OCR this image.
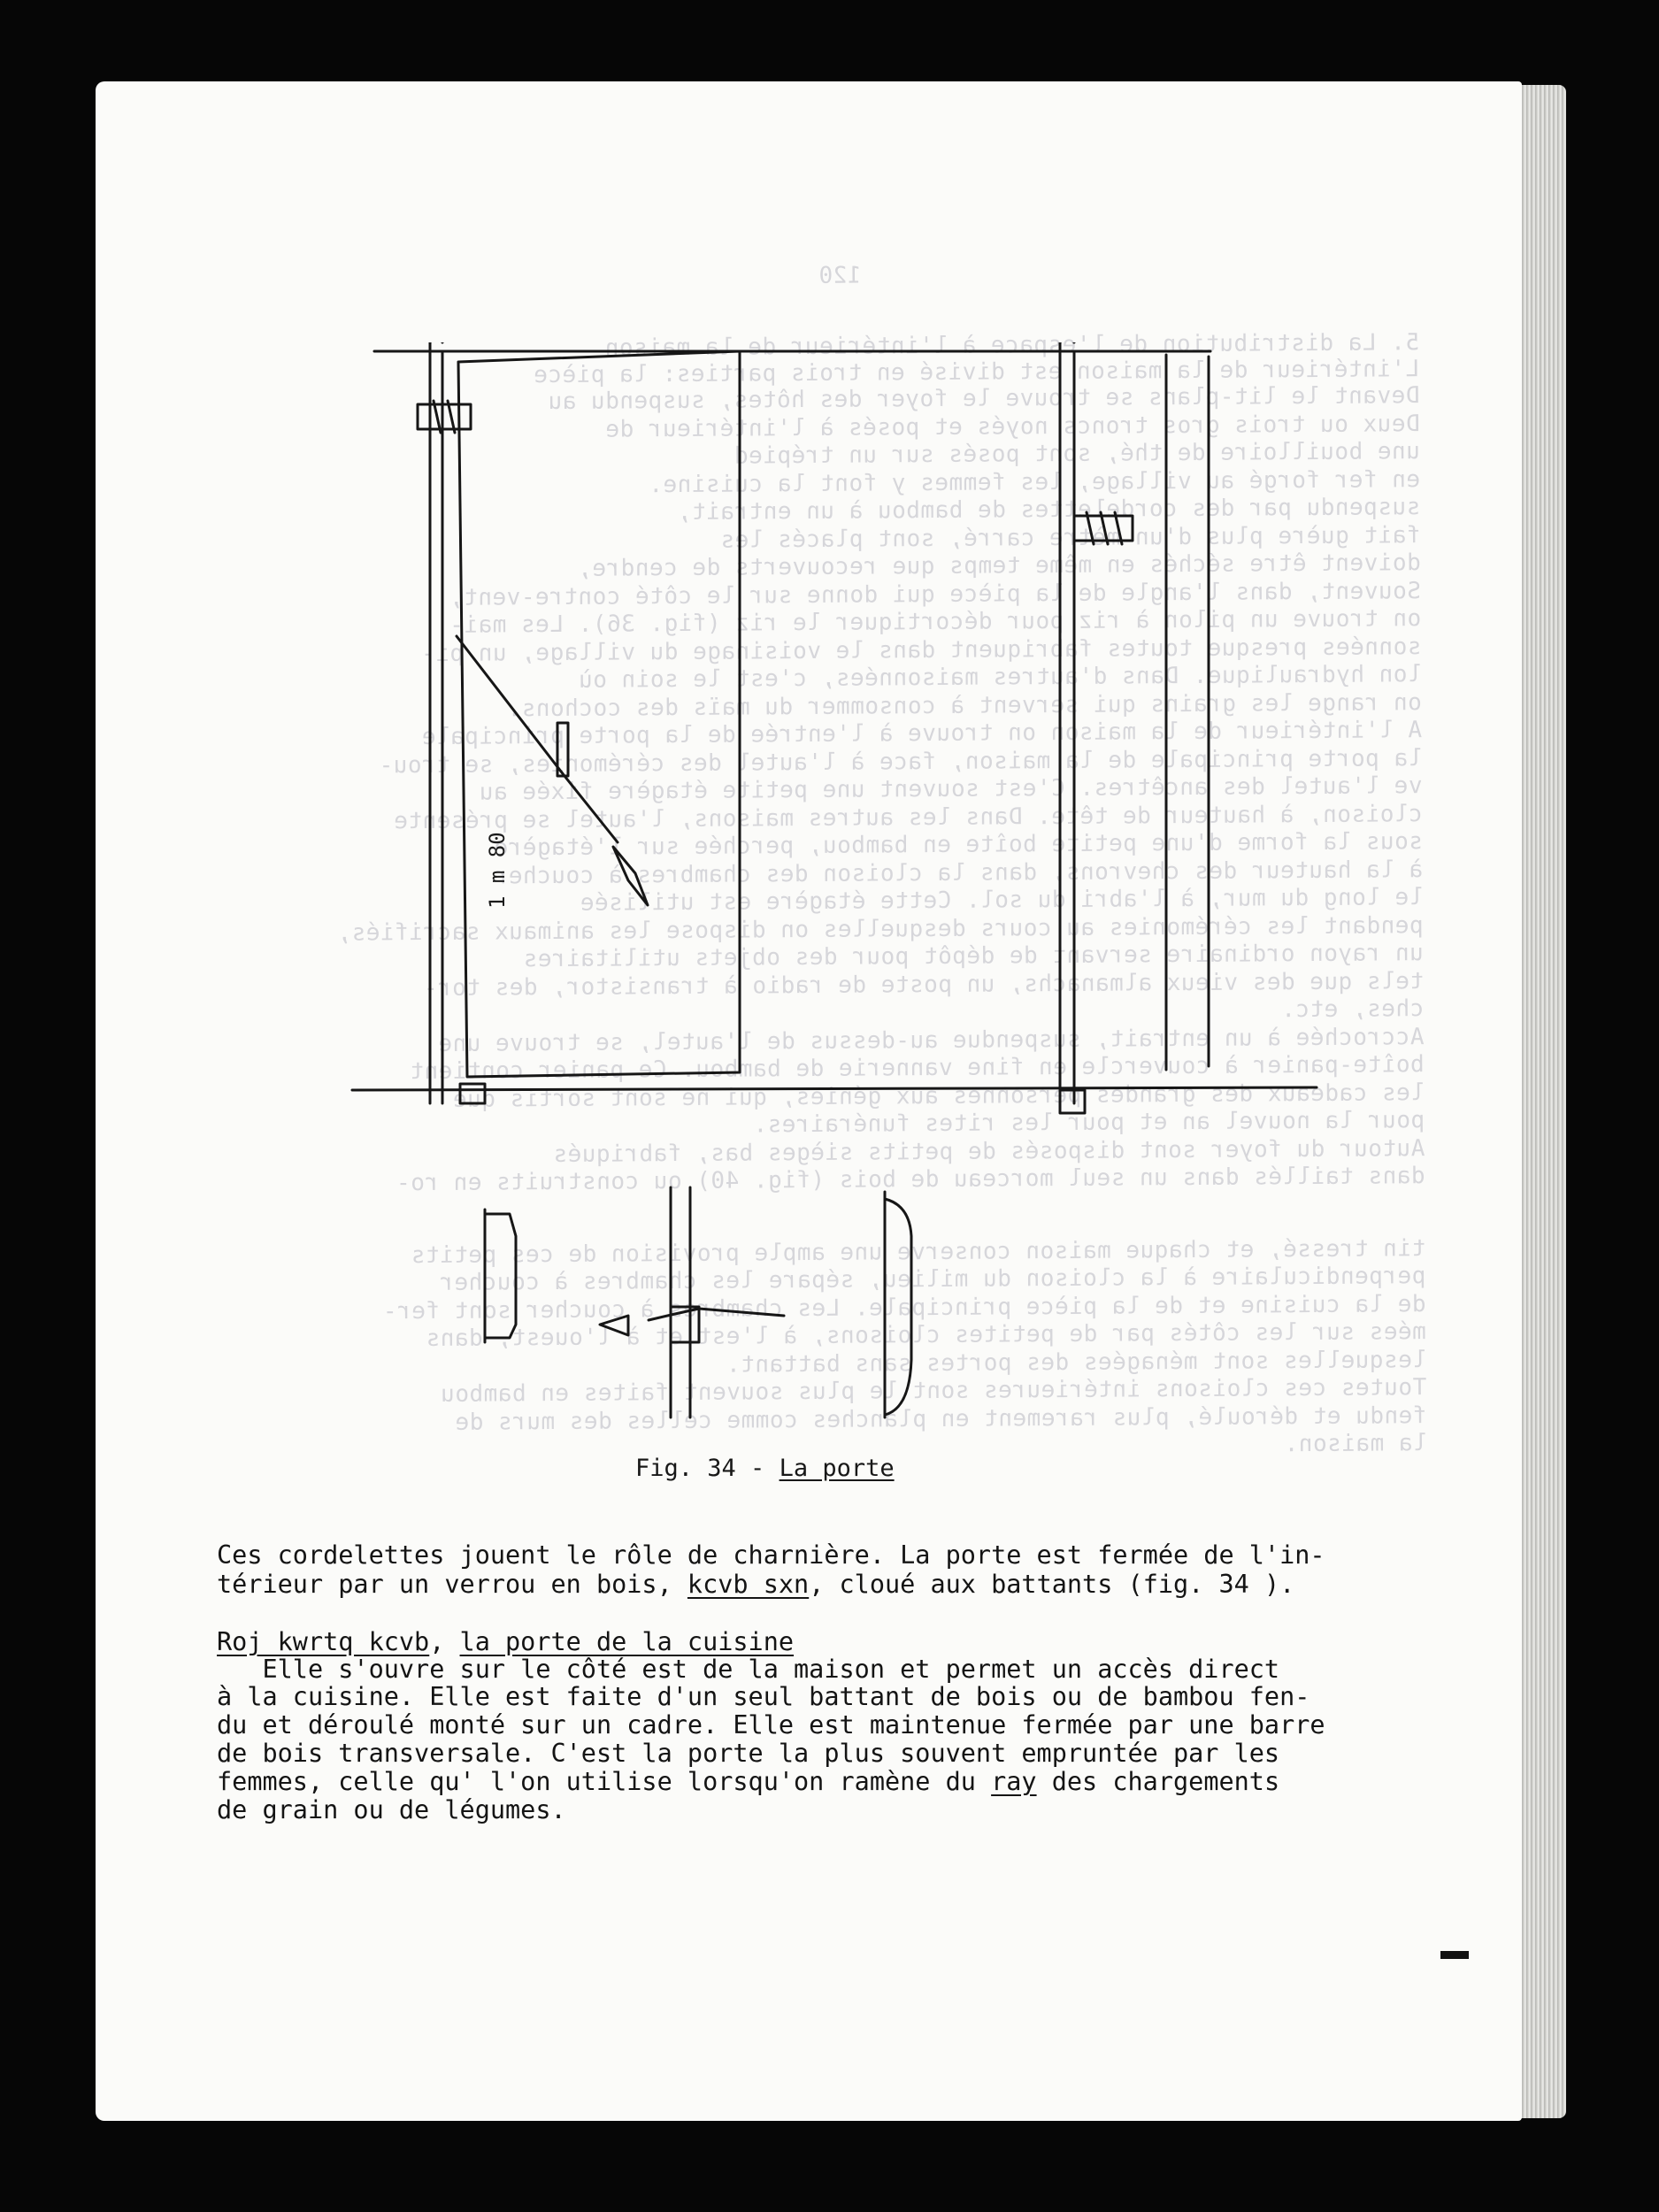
120
5. La distribution de l'espace à l'intérieur de la maison
L'intérieur de la maison est divisé en trois parties: la pièce
Devant le lit-plans se trouve le foyer des hôtes, suspendu au
Deux ou trois gros troncs noyés et posés à l'intérieur de
une bouilloire de thé, sont posés sur un trépied
en fer forgé au village, les femmes y font la cuisine.
suspendu par des cordelettes de bambou à un entrait,
fait guère plus d'un mètre carré, sont placés les
doivent être séchés en même temps que recouverts de cendre,
Souvent, dans l'angle de la pièce qui donne sur le côté contre-vent,
on trouve un pilon à riz pour décortiquer le riz (fig. 36). Les mai-
sonnées presque toutes fabriquent dans le voisinage du village, un pi-
lon hydraulique. Dans d'autres maisonnées, c'est le soin où
on range les grains qui servent à consommer du maïs des cochons.
A l'intérieur de la maison on trouve à l'entrée de la porte principale
la porte principale de la maison, face à l'autel des cérémonies, se trou-
ve l'autel des ancêtres. C'est souvent une petite étagère fixée au
cloison, à hauteur de tête. Dans les autres maisons, l'autel se présente
sous la forme d'une petite boîte en bambou, perchée sur l'étagère
à la hauteur des chevrons, dans la cloison des chambres à coucher
le long du mur, à l'abri du sol. Cette étagère est utilisée
pendant les cérémonies au cours desquelles on dispose les animaux sacrifiés,
un rayon ordinaire servant de dépôt pour des objets utilitaires
tels que des vieux almanachs, un poste de radio à transistor, des tor-
ches, etc.
Accrochée à un entrait, suspendue au-dessus de l'autel, se trouve une
boîte-panier à couvercle en fine vannerie de bambou. Ce panier contient
les cadeaux des grandes personnes aux génies, qui ne sont sortis que
pour la nouvel an et pour les rites funéraires.
Autour du foyer sont disposés de petits sièges bas, fabriqués
dans taillés dans un seul morceau de bois (fig. 40) ou construits en ro-
tin tressé, et chaque maison conserve une ample provision de ces petits
perpendiculaire à la cloison du milieu, sépare les chambres à coucher
de la cuisine et de la pièce principale. Les chambres à coucher sont fer-
mées sur les côtés par de petites cloisons, à l'est et à l'ouest, dans
lesquelles sont ménagées des portes sans battant.
Toutes ces cloisons intérieures sont le plus souvent faites en bambou
fendu et déroulé, plus rarement en planches comme celles des murs de
la maison.
1 m 80
Fig. 34 - La porte
Ces cordelettes jouent le rôle de charnière. La porte est fermée de l'in-
térieur par un verrou en bois, kcvb sxn, cloué aux battants (fig. 34 ).
Roj kwrtq kcvb, la porte de la cuisine
Elle s'ouvre sur le côté est de la maison et permet un accès direct
à la cuisine. Elle est faite d'un seul battant de bois ou de bambou fen-
du et déroulé monté sur un cadre. Elle est maintenue fermée par une barre
de bois transversale. C'est la porte la plus souvent empruntée par les
femmes, celle qu' l'on utilise lorsqu'on ramène du ray des chargements
de grain ou de légumes.
